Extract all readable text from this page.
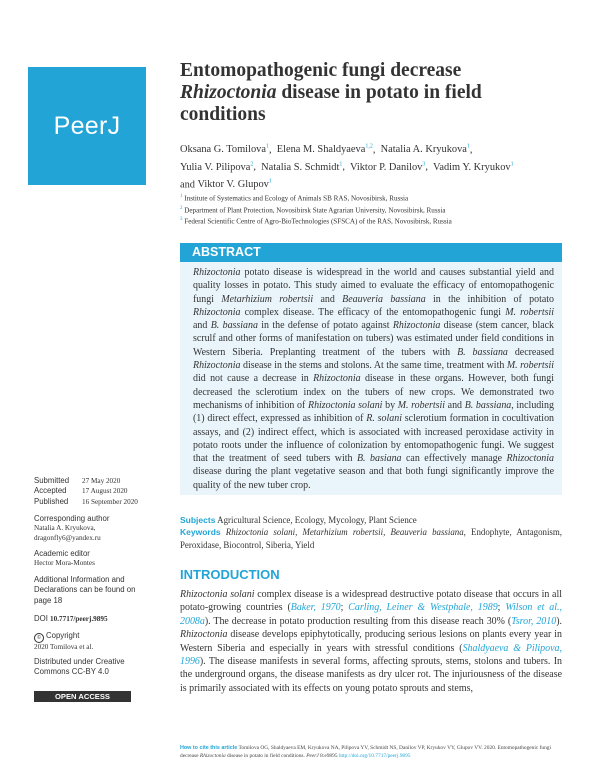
PeerJ
Entomopathogenic fungi decrease
Rhizoctonia disease in potato in field
conditions
Oksana G. Tomilova$^1$,  Elena M. Shaldyaeva$^{1,2}$,  Natalia A. Kryukova$^1$,
Yulia V. Pilipova$^2$,  Natalia S. Schmidt$^1$,  Viktor P. Danilov$^3$,  Vadim Y. Kryukov$^1$
and Viktor V. Glupov$^1$
$^1$ Institute of Systematics and Ecology of Animals SB RAS, Novosibirsk, Russia
$^2$ Department of Plant Protection, Novosibirsk State Agrarian University, Novosibirsk, Russia
$^3$ Federal Scientific Centre of Agro-BioTechnologies (SFSCA) of the RAS, Novosibirsk, Russia
ABSTRACT
Rhizoctonia potato disease is widespread in the world and causes substantial yield and quality losses in potato. This study aimed to evaluate the efficacy of entomopathogenic fungi Metarhizium robertsii and Beauveria bassiana in the inhibition of potato Rhizoctonia complex disease. The efficacy of the entomopathogenic fungi M. robertsii and B. bassiana in the defense of potato against Rhizoctonia disease (stem cancer, black scrulf and other forms of manifestation on tubers) was estimated under field conditions in Western Siberia. Preplanting treatment of the tubers with B. bassiana decreased Rhizoctonia disease in the stems and stolons. At the same time, treatment with M. robertsii did not cause a decrease in Rhizoctonia disease in these organs. However, both fungi decreased the sclerotium index on the tubers of new crops. We demonstrated two mechanisms of inhibition of Rhizoctonia solani by M. robertsii and B. bassiana, including (1) direct effect, expressed as inhibition of R. solani sclerotium formation in cocultivation assays, and (2) indirect effect, which is associated with increased peroxidase activity in potato roots under the influence of colonization by entomopathogenic fungi. We suggest that the treatment of seed tubers with B. basiana can effectively manage Rhizoctonia disease during the plant vegetative season and that both fungi significantly improve the quality of the new tuber crop.
Submitted 27 May 2020
Accepted 17 August 2020
Published 16 September 2020
Corresponding author
Natalia A. Kryukova,
dragonfly6@yandex.ru
Academic editor
Hector Mora-Montes
Additional Information and Declarations can be found on page 18
DOI 10.7717/peerj.9895
© Copyright
2020 Tomilova et al.
Distributed under Creative Commons CC-BY 4.0
OPEN ACCESS
Subjects Agricultural Science, Ecology, Mycology, Plant Science
Keywords Rhizoctonia solani, Metarhizium robertsii, Beauveria bassiana, Endophyte, Antagonism, Peroxidase, Biocontrol, Siberia, Yield
INTRODUCTION
Rhizoctonia solani complex disease is a widespread destructive potato disease that occurs in all potato-growing countries (Baker, 1970; Carling, Leiner & Westphale, 1989; Wilson et al., 2008a). The decrease in potato production resulting from this disease reach 30% (Tsror, 2010). Rhizoctonia disease develops epiphytotically, producing serious lesions on plants every year in Western Siberia and especially in years with stressful conditions (Shaldyaeva & Pilipova, 1996). The disease manifests in several forms, affecting sprouts, stems, stolons and tubers. In the underground organs, the disease manifests as dry ulcer rot. The injuriousness of the disease is primarily associated with its effects on young potato sprouts and stems,
How to cite this article Tomilova OG, Shaldyaeva EM, Kryukova NA, Pilipova YV, Schmidt NS, Danilov VP, Kryukov VY, Glupov VV. 2020. Entomopathogenic fungi decrease Rhizoctonia disease in potato in field conditions. PeerJ 8:e9895 http://doi.org/10.7717/peerj.9895
